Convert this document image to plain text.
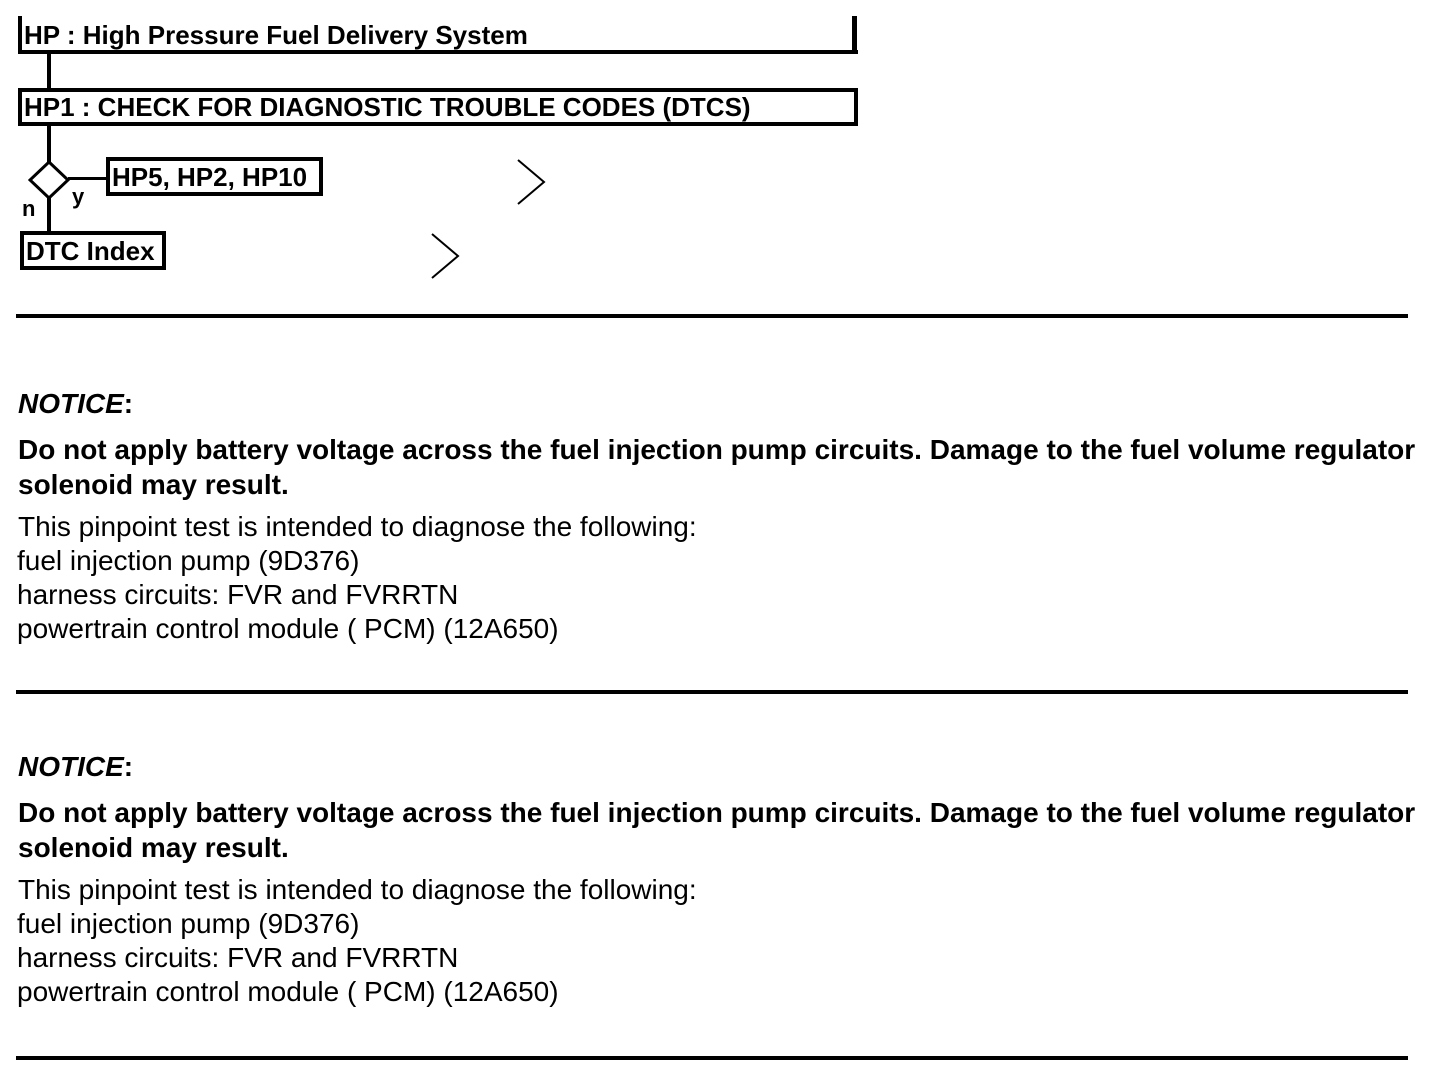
HP : High Pressure Fuel Delivery System
HP1 : CHECK FOR DIAGNOSTIC TROUBLE CODES (DTCS)
y
n
HP5, HP2, HP10
DTC Index

NOTICE:

Do not apply battery voltage across the fuel injection pump circuits. Damage to the fuel volume regulator solenoid may result.

This pinpoint test is intended to diagnose the following:

fuel injection pump (9D376)

harness circuits: FVR and FVRRTN

powertrain control module ( PCM) (12A650)

NOTICE:

Do not apply battery voltage across the fuel injection pump circuits. Damage to the fuel volume regulator solenoid may result.

This pinpoint test is intended to diagnose the following:

fuel injection pump (9D376)

harness circuits: FVR and FVRRTN

powertrain control module ( PCM) (12A650)
